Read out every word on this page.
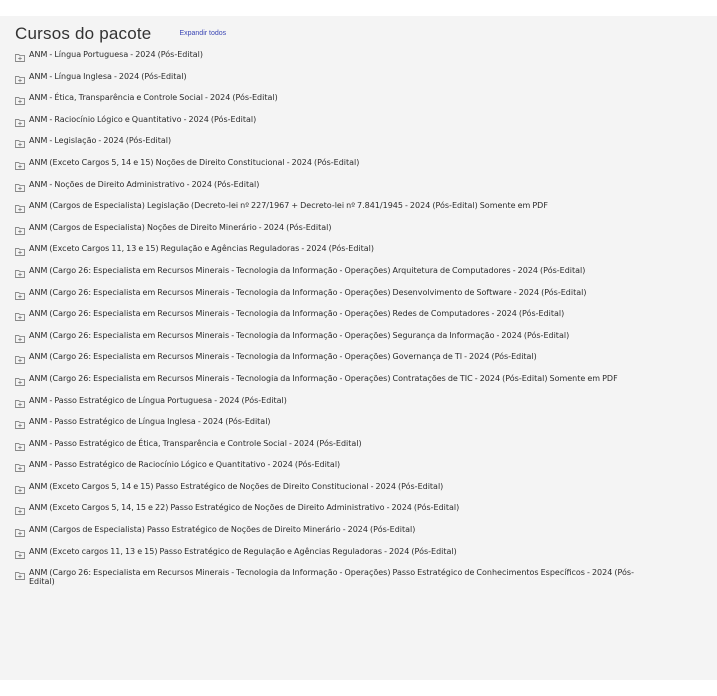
Cursos do pacote	Expandir todos
ANM - Língua Portuguesa - 2024 (Pós-Edital)
ANM - Língua Inglesa - 2024 (Pós-Edital)
ANM - Ética, Transparência e Controle Social - 2024 (Pós-Edital)
ANM - Raciocínio Lógico e Quantitativo - 2024 (Pós-Edital)
ANM - Legislação - 2024 (Pós-Edital)
ANM (Exceto Cargos 5, 14 e 15) Noções de Direito Constitucional - 2024 (Pós-Edital)
ANM - Noções de Direito Administrativo - 2024 (Pós-Edital)
ANM (Cargos de Especialista) Legislação (Decreto-lei nº 227/1967 + Decreto-lei nº 7.841/1945 - 2024 (Pós-Edital) Somente em PDF
ANM (Cargos de Especialista) Noções de Direito Minerário - 2024 (Pós-Edital)
ANM (Exceto Cargos 11, 13 e 15) Regulação e Agências Reguladoras - 2024 (Pós-Edital)
ANM (Cargo 26: Especialista em Recursos Minerais - Tecnologia da Informação - Operações) Arquitetura de Computadores - 2024 (Pós-Edital)
ANM (Cargo 26: Especialista em Recursos Minerais - Tecnologia da Informação - Operações) Desenvolvimento de Software - 2024 (Pós-Edital)
ANM (Cargo 26: Especialista em Recursos Minerais - Tecnologia da Informação - Operações) Redes de Computadores - 2024 (Pós-Edital)
ANM (Cargo 26: Especialista em Recursos Minerais - Tecnologia da Informação - Operações) Segurança da Informação - 2024 (Pós-Edital)
ANM (Cargo 26: Especialista em Recursos Minerais - Tecnologia da Informação - Operações) Governança de TI - 2024 (Pós-Edital)
ANM (Cargo 26: Especialista em Recursos Minerais - Tecnologia da Informação - Operações) Contratações de TIC - 2024 (Pós-Edital) Somente em PDF
ANM - Passo Estratégico de Língua Portuguesa - 2024 (Pós-Edital)
ANM - Passo Estratégico de Língua Inglesa - 2024 (Pós-Edital)
ANM - Passo Estratégico de Ética, Transparência e Controle Social - 2024 (Pós-Edital)
ANM - Passo Estratégico de Raciocínio Lógico e Quantitativo - 2024 (Pós-Edital)
ANM (Exceto Cargos 5, 14 e 15) Passo Estratégico de Noções de Direito Constitucional - 2024 (Pós-Edital)
ANM (Exceto Cargos 5, 14, 15 e 22) Passo Estratégico de Noções de Direito Administrativo - 2024 (Pós-Edital)
ANM (Cargos de Especialista) Passo Estratégico de Noções de Direito Minerário - 2024 (Pós-Edital)
ANM (Exceto cargos 11, 13 e 15) Passo Estratégico de Regulação e Agências Reguladoras - 2024 (Pós-Edital)
ANM (Cargo 26: Especialista em Recursos Minerais - Tecnologia da Informação - Operações) Passo Estratégico de Conhecimentos Específicos - 2024 (Pós-Edital)
